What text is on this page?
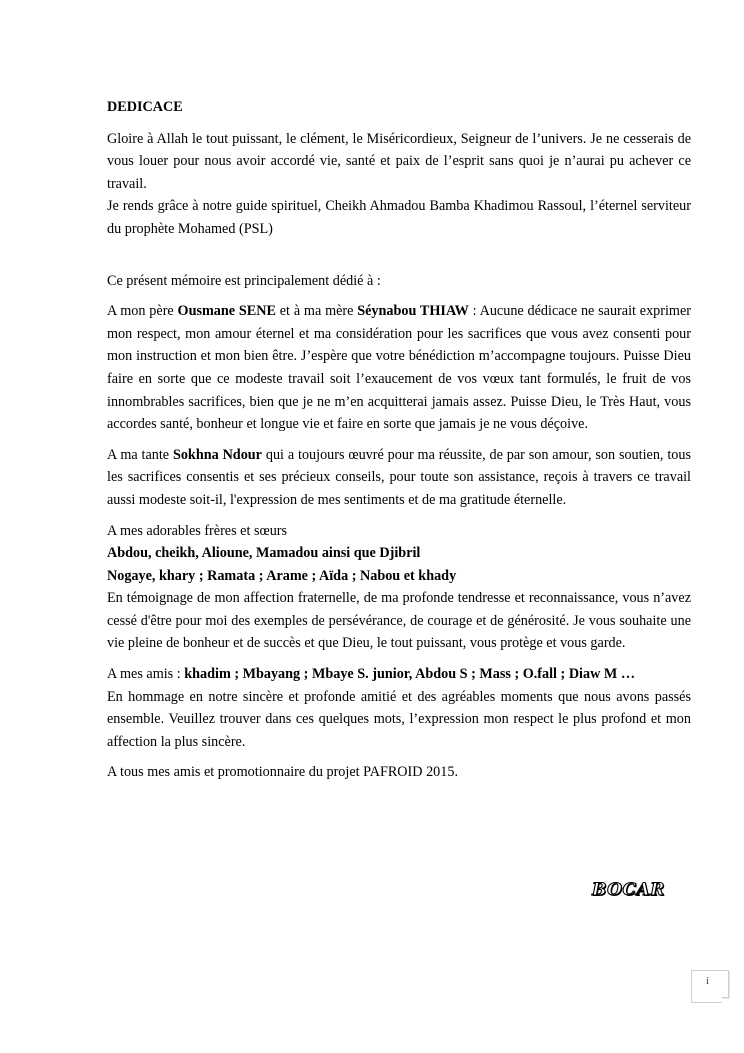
DEDICACE

Gloire à Allah le tout puissant, le clément, le Miséricordieux, Seigneur de l’univers. Je ne cesserais de vous louer pour nous avoir accordé vie, santé et paix de l’esprit sans quoi je n’aurai pu achever ce travail.

Je rends grâce à notre guide spirituel, Cheikh Ahmadou Bamba Khadimou Rassoul, l’éternel serviteur du prophète Mohamed (PSL)

Ce présent mémoire est principalement dédié à :

A mon père Ousmane SENE et à ma mère Séynabou THIAW : Aucune dédicace ne saurait exprimer mon respect, mon amour éternel et ma considération pour les sacrifices que vous avez consenti pour mon instruction et mon bien être. J’espère que votre bénédiction m’accompagne toujours. Puisse Dieu faire en sorte que ce modeste travail soit l’exaucement de vos vœux tant formulés, le fruit de vos innombrables sacrifices, bien que je ne m’en acquitterai jamais assez. Puisse Dieu, le Très Haut, vous accordes santé, bonheur et longue vie et faire en sorte que jamais je ne vous déçoive.

A ma tante Sokhna Ndour qui a toujours œuvré pour ma réussite, de par son amour, son soutien, tous les sacrifices consentis et ses précieux conseils, pour toute son assistance, reçois à travers ce travail aussi modeste soit-il, l'expression de mes sentiments et de ma gratitude éternelle.

A mes adorables frères et sœurs

Abdou, cheikh, Alioune, Mamadou ainsi que Djibril

Nogaye, khary ; Ramata ; Arame ; Aïda ; Nabou et khady

En témoignage de mon affection fraternelle, de ma profonde tendresse et reconnaissance, vous n’avez cessé d'être pour moi des exemples de persévérance, de courage et de générosité. Je vous souhaite une vie pleine de bonheur et de succès et que Dieu, le tout puissant, vous protège et vous garde.

A mes amis : khadim ; Mbayang ; Mbaye S. junior, Abdou S ; Mass ; O.fall ; Diaw M …

En hommage en notre sincère et profonde amitié et des agréables moments que nous avons passés ensemble. Veuillez trouver dans ces quelques mots, l’expression mon respect le plus profond et mon affection la plus sincère.

A tous mes amis et promotionnaire du projet PAFROID 2015.

BOCAR
i
